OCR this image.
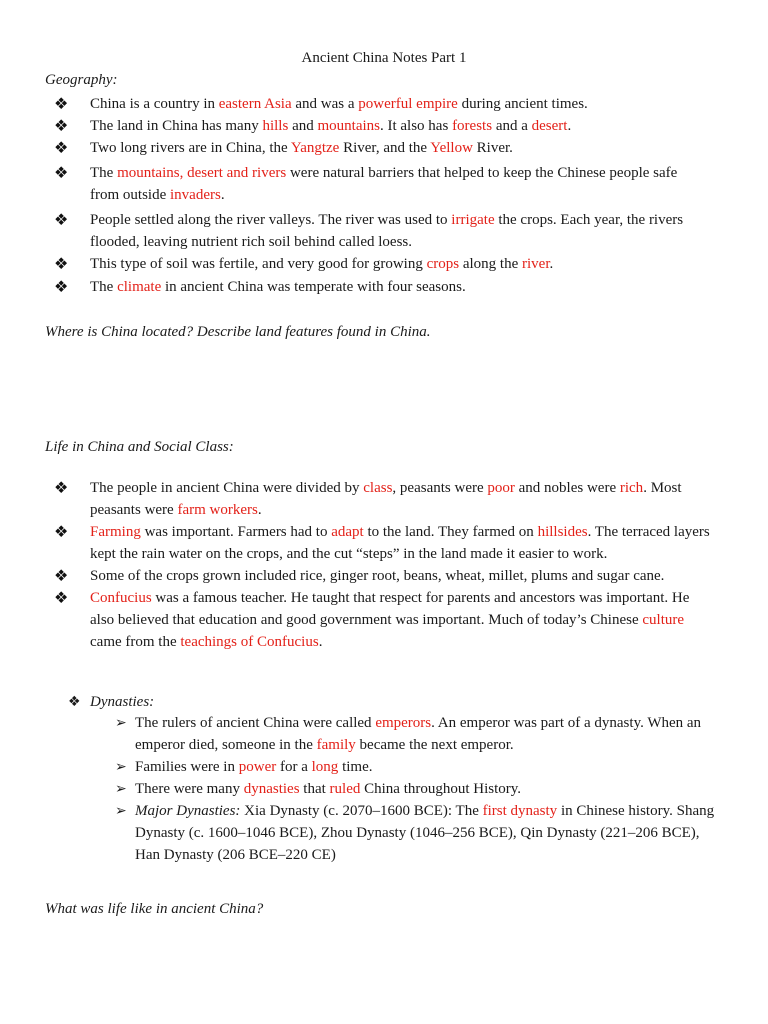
Ancient China Notes Part 1
Geography:
❖ China is a country in eastern Asia and was a powerful empire during ancient times.
❖ The land in China has many hills and mountains. It also has forests and a desert.
❖ Two long rivers are in China, the Yangtze River, and the Yellow River.
❖ The mountains, desert and rivers were natural barriers that helped to keep the Chinese people safe from outside invaders.
❖ People settled along the river valleys. The river was used to irrigate the crops. Each year, the rivers flooded, leaving nutrient rich soil behind called loess.
❖ This type of soil was fertile, and very good for growing crops along the river.
❖ The climate in ancient China was temperate with four seasons.
Where is China located? Describe land features found in China.
Life in China and Social Class:
❖ The people in ancient China were divided by class, peasants were poor and nobles were rich. Most peasants were farm workers.
❖ Farming was important. Farmers had to adapt to the land. They farmed on hillsides. The terraced layers kept the rain water on the crops, and the cut “steps” in the land made it easier to work.
❖ Some of the crops grown included rice, ginger root, beans, wheat, millet, plums and sugar cane.
❖ Confucius was a famous teacher. He taught that respect for parents and ancestors was important. He also believed that education and good government was important. Much of today’s Chinese culture came from the teachings of Confucius.
❖ Dynasties:
➢ The rulers of ancient China were called emperors. An emperor was part of a dynasty. When an emperor died, someone in the family became the next emperor.
➢ Families were in power for a long time.
➢ There were many dynasties that ruled China throughout History.
➢ Major Dynasties: Xia Dynasty (c. 2070–1600 BCE): The first dynasty in Chinese history. Shang Dynasty (c. 1600–1046 BCE), Zhou Dynasty (1046–256 BCE), Qin Dynasty (221–206 BCE), Han Dynasty (206 BCE–220 CE)
What was life like in ancient China?
